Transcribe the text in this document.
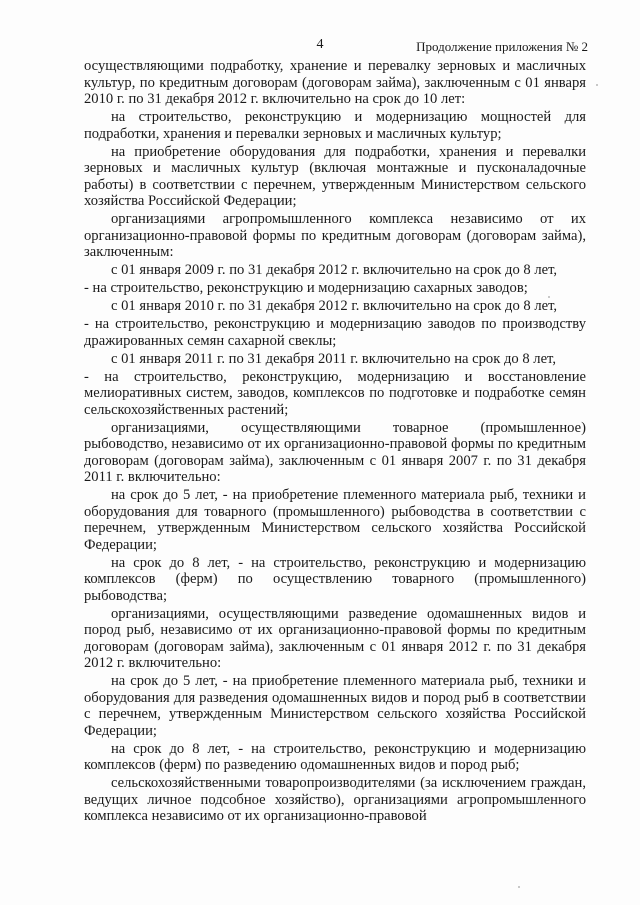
4	Продолжение приложения № 2

осуществляющими подработку, хранение и перевалку зерновых и масличных культур, по кредитным договорам (договорам займа), заключенным с 01 января 2010 г. по 31 декабря 2012 г. включительно на срок до 10 лет:

на строительство, реконструкцию и модернизацию мощностей для подработки, хранения и перевалки зерновых и масличных культур;

на приобретение оборудования для подработки, хранения и перевалки зерновых и масличных культур (включая монтажные и пусконаладочные работы) в соответствии с перечнем, утвержденным Министерством сельского хозяйства Российской Федерации;

организациями агропромышленного комплекса независимо от их организационно-правовой формы по кредитным договорам (договорам займа), заключенным:

с 01 января 2009 г. по 31 декабря 2012 г. включительно на срок до 8 лет,

- на строительство, реконструкцию и модернизацию сахарных заводов;

с 01 января 2010 г. по 31 декабря 2012 г. включительно на срок до 8 лет,

- на строительство, реконструкцию и модернизацию заводов по производству дражированных семян сахарной свеклы;

с 01 января 2011 г. по 31 декабря 2011 г. включительно на срок до 8 лет,

- на строительство, реконструкцию, модернизацию и восстановление мелиоративных систем, заводов, комплексов по подготовке и подработке семян сельскохозяйственных растений;

организациями, осуществляющими товарное (промышленное) рыбоводство, независимо от их организационно-правовой формы по кредитным договорам (договорам займа), заключенным с 01 января 2007 г. по 31 декабря 2011 г. включительно:

на срок до 5 лет, - на приобретение племенного материала рыб, техники и оборудования для товарного (промышленного) рыбоводства в соответствии с перечнем, утвержденным Министерством сельского хозяйства Российской Федерации;

на срок до 8 лет, - на строительство, реконструкцию и модернизацию комплексов (ферм) по осуществлению товарного (промышленного) рыбоводства;

организациями, осуществляющими разведение одомашненных видов и пород рыб, независимо от их организационно-правовой формы по кредитным договорам (договорам займа), заключенным с 01 января 2012 г. по 31 декабря 2012 г. включительно:

на срок до 5 лет, - на приобретение племенного материала рыб, техники и оборудования для разведения одомашненных видов и пород рыб в соответствии с перечнем, утвержденным Министерством сельского хозяйства Российской Федерации;

на срок до 8 лет, - на строительство, реконструкцию и модернизацию комплексов (ферм) по разведению одомашненных видов и пород рыб;

сельскохозяйственными товаропроизводителями (за исключением граждан, ведущих личное подсобное хозяйство), организациями агропромышленного комплекса независимо от их организационно-правовой
